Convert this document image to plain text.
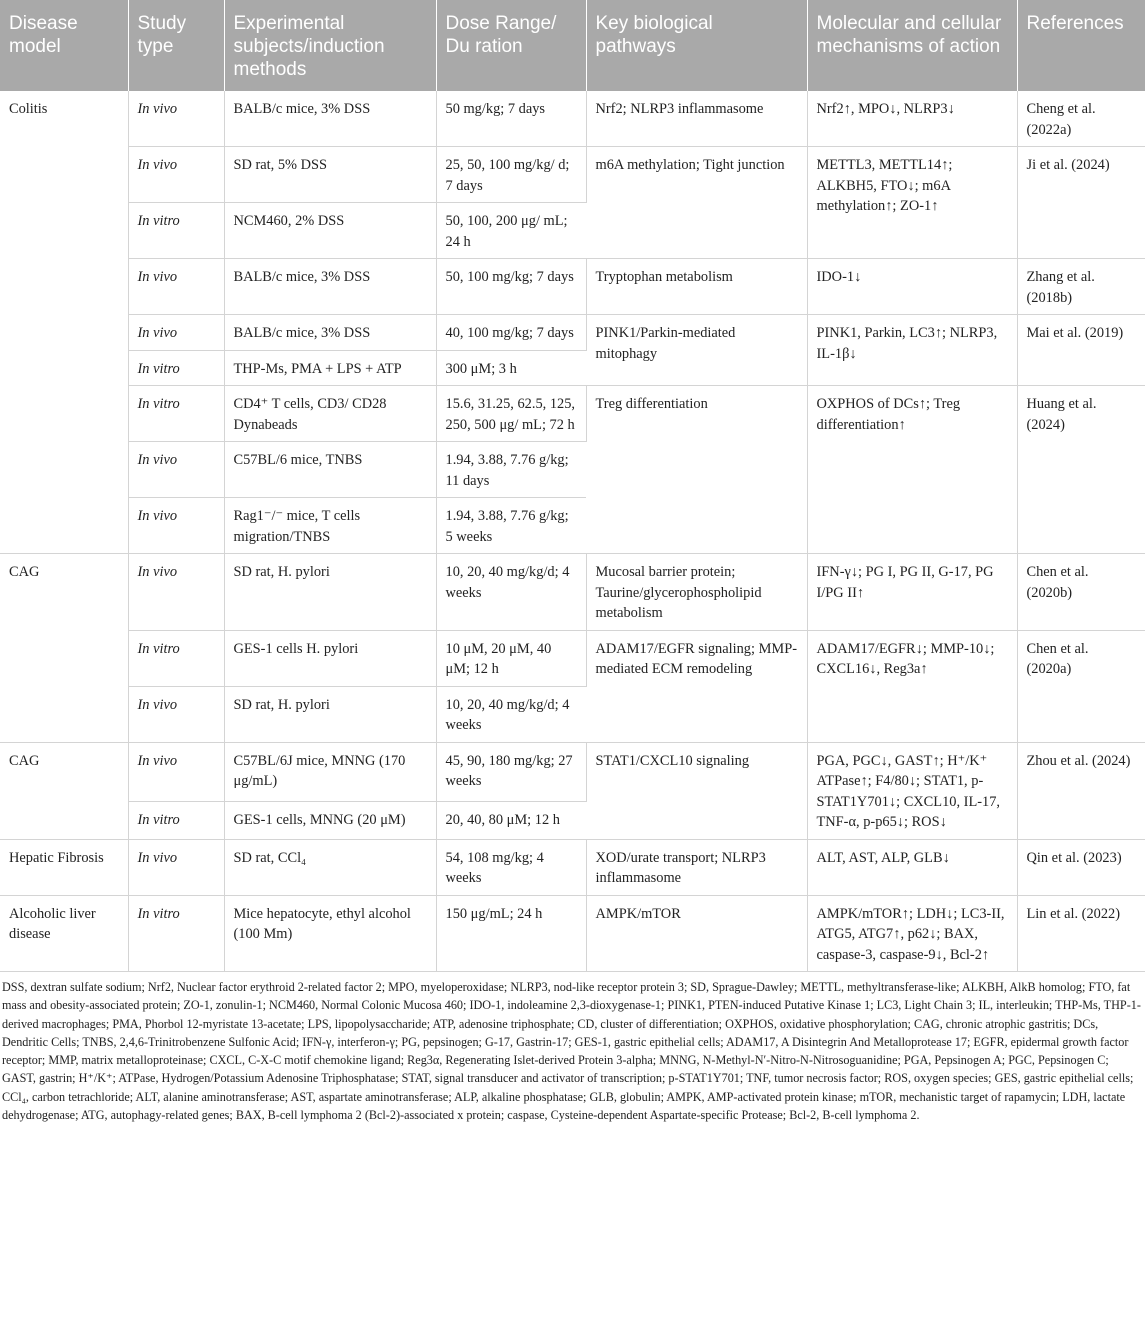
Disease model	Study type	Experimental subjects/induction methods	Dose Range/ Du ration	Key biological pathways	Molecular and cellular mechanisms of action	References
Colitis	In vivo	BALB/c mice, 3% DSS	50 mg/kg; 7 days	Nrf2; NLRP3 inflammasome	Nrf2↑, MPO↓, NLRP3↓	Cheng et al. (2022a)
	In vivo	SD rat, 5% DSS	25, 50, 100 mg/kg/ d; 7 days	m6A methylation; Tight junction	METTL3, METTL14↑; ALKBH5, FTO↓; m6A methylation↑; ZO-1↑	Ji et al. (2024)
	In vitro	NCM460, 2% DSS	50, 100, 200 μg/ mL; 24 h			
	In vivo	BALB/c mice, 3% DSS	50, 100 mg/kg; 7 days	Tryptophan metabolism	IDO-1↓	Zhang et al. (2018b)
	In vivo	BALB/c mice, 3% DSS	40, 100 mg/kg; 7 days	PINK1/Parkin-mediated mitophagy	PINK1, Parkin, LC3↑; NLRP3, IL-1β↓	Mai et al. (2019)
	In vitro	THP-Ms, PMA + LPS + ATP	300 μM; 3 h			
	In vitro	CD4⁺ T cells, CD3/ CD28 Dynabeads	15.6, 31.25, 62.5, 125, 250, 500 μg/ mL; 72 h	Treg differentiation	OXPHOS of DCs↑; Treg differentiation↑	Huang et al. (2024)
	In vivo	C57BL/6 mice, TNBS	1.94, 3.88, 7.76 g/kg; 11 days			
	In vivo	Rag1⁻/⁻ mice, T cells migration/TNBS	1.94, 3.88, 7.76 g/kg; 5 weeks			
CAG	In vivo	SD rat, H. pylori	10, 20, 40 mg/kg/d; 4 weeks	Mucosal barrier protein; Taurine/glycerophospholipid metabolism	IFN-γ↓; PG I, PG II, G-17, PG I/PG II↑	Chen et al. (2020b)
	In vitro	GES-1 cells H. pylori	10 μM, 20 μM, 40 μM; 12 h	ADAM17/EGFR signaling; MMP-mediated ECM remodeling	ADAM17/EGFR↓; MMP-10↓; CXCL16↓, Reg3a↑	Chen et al. (2020a)
	In vivo	SD rat, H. pylori	10, 20, 40 mg/kg/d; 4 weeks			
CAG	In vivo	C57BL/6J mice, MNNG (170 μg/mL)	45, 90, 180 mg/kg; 27 weeks	STAT1/CXCL10 signaling	PGA, PGC↓, GAST↑; H⁺/K⁺ ATPase↑; F4/80↓; STAT1, p-STAT1Y701↓; CXCL10, IL-17, TNF-α, p-p65↓; ROS↓	Zhou et al. (2024)
	In vitro	GES-1 cells, MNNG (20 μM)	20, 40, 80 μM; 12 h			
Hepatic Fibrosis	In vivo	SD rat, CCl₄	54, 108 mg/kg; 4 weeks	XOD/urate transport; NLRP3 inflammasome	ALT, AST, ALP, GLB↓	Qin et al. (2023)
Alcoholic liver disease	In vitro	Mice hepatocyte, ethyl alcohol (100 Mm)	150 μg/mL; 24 h	AMPK/mTOR	AMPK/mTOR↑; LDH↓; LC3-II, ATG5, ATG7↑, p62↓; BAX, caspase-3, caspase-9↓, Bcl-2↑	Lin et al. (2022)

DSS, dextran sulfate sodium; Nrf2, Nuclear factor erythroid 2-related factor 2; MPO, myeloperoxidase; NLRP3, nod-like receptor protein 3; SD, Sprague-Dawley; METTL, methyltransferase-like; ALKBH, AlkB homolog; FTO, fat mass and obesity-associated protein; ZO-1, zonulin-1; NCM460, Normal Colonic Mucosa 460; IDO-1, indoleamine 2,3-dioxygenase-1; PINK1, PTEN-induced Putative Kinase 1; LC3, Light Chain 3; IL, interleukin; THP-Ms, THP-1-derived macrophages; PMA, Phorbol 12-myristate 13-acetate; LPS, lipopolysaccharide; ATP, adenosine triphosphate; CD, cluster of differentiation; OXPHOS, oxidative phosphorylation; CAG, chronic atrophic gastritis; DCs, Dendritic Cells; TNBS, 2,4,6-Trinitrobenzene Sulfonic Acid; IFN-γ, interferon-γ; PG, pepsinogen; G-17, Gastrin-17; GES-1, gastric epithelial cells; ADAM17, A Disintegrin And Metalloprotease 17; EGFR, epidermal growth factor receptor; MMP, matrix metalloproteinase; CXCL, C-X-C motif chemokine ligand; Reg3α, Regenerating Islet-derived Protein 3-alpha; MNNG, N-Methyl-N′-Nitro-N-Nitrosoguanidine; PGA, Pepsinogen A; PGC, Pepsinogen C; GAST, gastrin; H⁺/K⁺; ATPase, Hydrogen/Potassium Adenosine Triphosphatase; STAT, signal transducer and activator of transcription; p-STAT1Y701; TNF, tumor necrosis factor; ROS, oxygen species; GES, gastric epithelial cells; CCl₄, carbon tetrachloride; ALT, alanine aminotransferase; AST, aspartate aminotransferase; ALP, alkaline phosphatase; GLB, globulin; AMPK, AMP-activated protein kinase; mTOR, mechanistic target of rapamycin; LDH, lactate dehydrogenase; ATG, autophagy-related genes; BAX, B-cell lymphoma 2 (Bcl-2)-associated x protein; caspase, Cysteine-dependent Aspartate-specific Protease; Bcl-2, B-cell lymphoma 2.
